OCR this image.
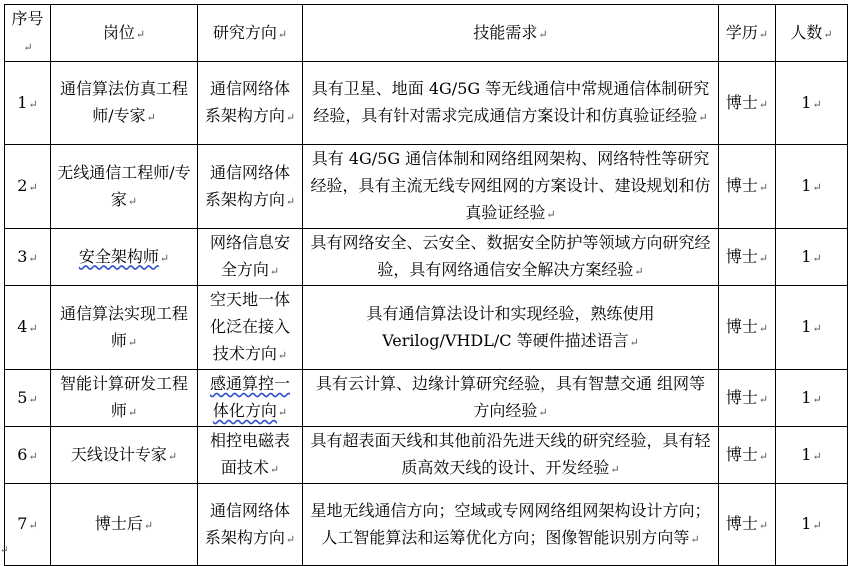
序号↵	岗位↵	研究方向↵	技能需求↵	学历↵	人数↵
1↵	通信算法仿真工程师/专家↵	通信网络体系架构方向↵	具有卫星、地面 4G/5G 等无线通信中常规通信体制研究经验，具有针对需求完成通信方案设计和仿真验证经验↵	博士↵	1↵
2↵	无线通信工程师/专家↵	通信网络体系架构方向↵	具有 4G/5G 通信体制和网络组网架构、网络特性等研究经验，具有主流无线专网组网的方案设计、建设规划和仿真验证经验↵	博士↵	1↵
3↵	安全架构师↵	网络信息安全方向↵	具有网络安全、云安全、数据安全防护等领域方向研究经验，具有网络通信安全解决方案经验↵	博士↵	1↵
4↵	通信算法实现工程师↵	空天地一体化泛在接入技术方向↵	具有通信算法设计和实现经验，熟练使用 Verilog/VHDL/C 等硬件描述语言↵	博士↵	1↵
5↵	智能计算研发工程师↵	感通算控一体化方向↵	具有云计算、边缘计算研究经验，具有智慧交通 组网等方向经验↵	博士↵	1↵
6↵	天线设计专家↵	相控电磁表面技术↵	具有超表面天线和其他前沿先进天线的研究经验，具有轻质高效天线的设计、开发经验↵	博士↵	1↵
7↵	博士后↵	通信网络体系架构方向↵	星地无线通信方向；空域或专网网络组网架构设计方向；人工智能算法和运筹优化方向；图像智能识别方向等↵	博士↵	1↵
↵
